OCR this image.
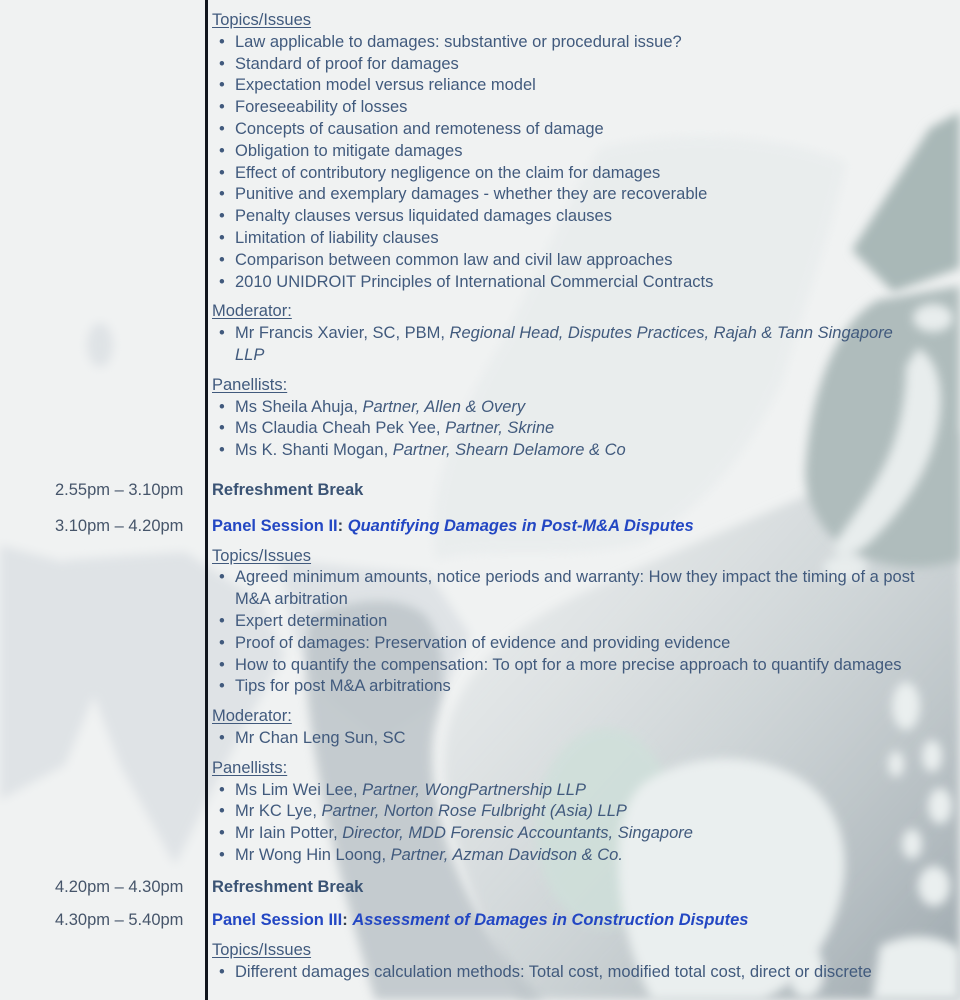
Topics/Issues

• Law applicable to damages: substantive or procedural issue?
• Standard of proof for damages
• Expectation model versus reliance model
• Foreseeability of losses
• Concepts of causation and remoteness of damage
• Obligation to mitigate damages
• Effect of contributory negligence on the claim for damages
• Punitive and exemplary damages - whether they are recoverable
• Penalty clauses versus liquidated damages clauses
• Limitation of liability clauses
• Comparison between common law and civil law approaches
• 2010 UNIDROIT Principles of International Commercial Contracts

Moderator:

• Mr Francis Xavier, SC, PBM, Regional Head, Disputes Practices, Rajah & Tann Singapore LLP

Panellists:

• Ms Sheila Ahuja, Partner, Allen & Overy
• Ms Claudia Cheah Pek Yee, Partner, Skrine
• Ms K. Shanti Mogan, Partner, Shearn Delamore & Co
2.55pm – 3.10pm	Refreshment Break

3.10pm – 4.20pm	Panel Session II: Quantifying Damages in Post-M&A Disputes

Topics/Issues

• Agreed minimum amounts, notice periods and warranty: How they impact the timing of a post M&A arbitration
• Expert determination
• Proof of damages: Preservation of evidence and providing evidence
• How to quantify the compensation: To opt for a more precise approach to quantify damages
• Tips for post M&A arbitrations

Moderator:

• Mr Chan Leng Sun, SC

Panellists:

• Ms Lim Wei Lee, Partner, WongPartnership LLP
• Mr KC Lye, Partner, Norton Rose Fulbright (Asia) LLP
• Mr Iain Potter, Director, MDD Forensic Accountants, Singapore
• Mr Wong Hin Loong, Partner, Azman Davidson & Co.
4.20pm – 4.30pm	Refreshment Break

4.30pm – 5.40pm	Panel Session III: Assessment of Damages in Construction Disputes

Topics/Issues

• Different damages calculation methods: Total cost, modified total cost, direct or discrete
